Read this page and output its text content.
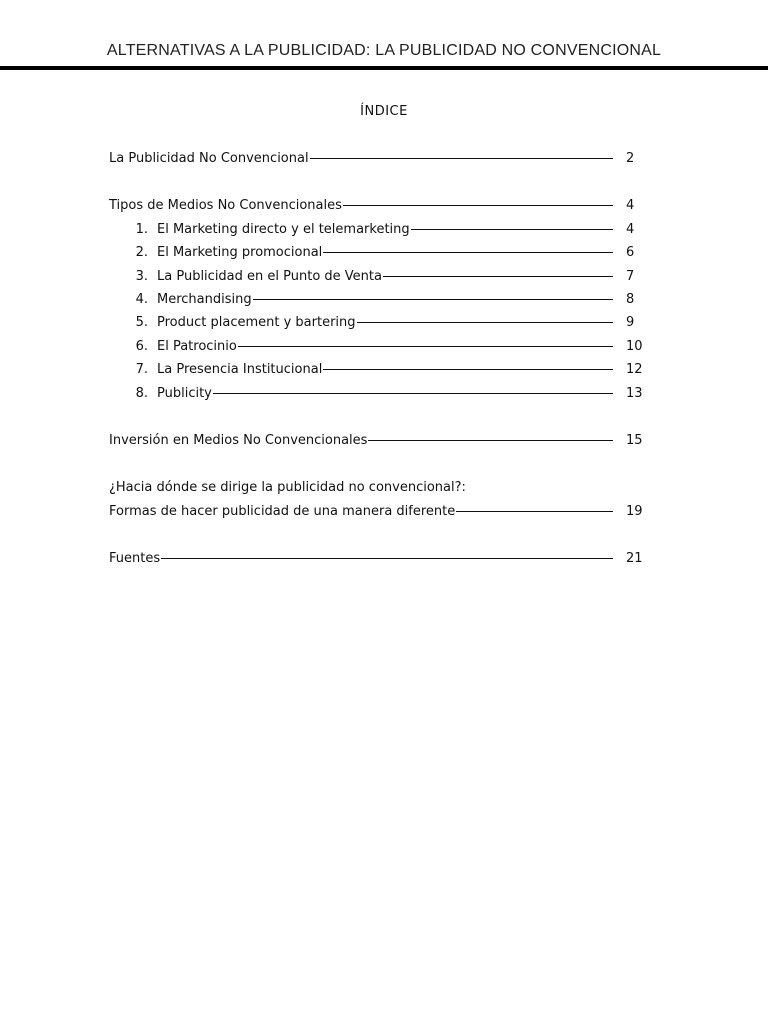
ALTERNATIVAS A LA PUBLICIDAD: LA PUBLICIDAD NO CONVENCIONAL
ÍNDICE
La Publicidad No Convencional	2
Tipos de Medios No Convencionales	4
1. El Marketing directo y el telemarketing	4
2. El Marketing promocional	6
3. La Publicidad en el Punto de Venta	7
4. Merchandising	8
5. Product placement y bartering	9
6. El Patrocinio	10
7. La Presencia Institucional	12
8. Publicity	13
Inversión en Medios No Convencionales	15
¿Hacia dónde se dirige la publicidad no convencional?:
Formas de hacer publicidad de una manera diferente	19
Fuentes	21
